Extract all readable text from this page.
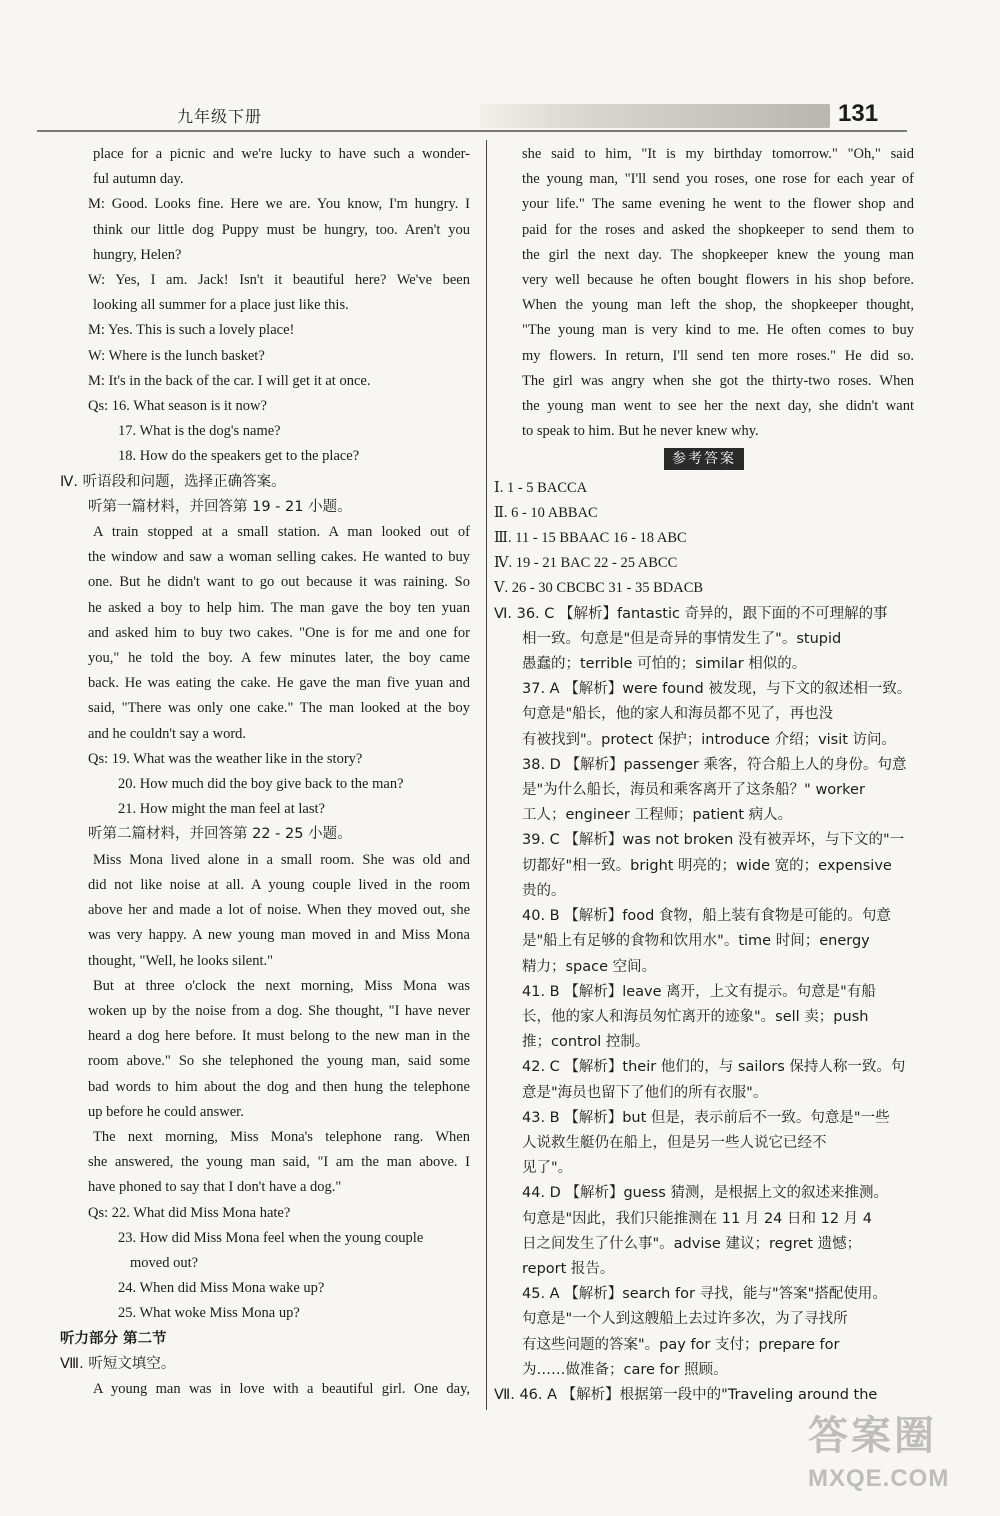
九年级下册	131
place for a picnic and we're lucky to have such a wonder-
ful autumn day.
M: Good. Looks fine. Here we are. You know, I'm hungry. I
think our little dog Puppy must be hungry, too. Aren't you
hungry, Helen?
W: Yes, I am. Jack! Isn't it beautiful here? We've been
looking all summer for a place just like this.
M: Yes. This is such a lovely place!
W: Where is the lunch basket?
M: It's in the back of the car. I will get it at once.
Qs: 16. What season is it now?
17. What is the dog's name?
18. How do the speakers get to the place?
Ⅳ. 听语段和问题，选择正确答案。
听第一篇材料，并回答第 19 - 21 小题。
A train stopped at a small station. A man looked out of
the window and saw a woman selling cakes. He wanted to buy
one. But he didn't want to go out because it was raining. So
he asked a boy to help him. The man gave the boy ten yuan
and asked him to buy two cakes. "One is for me and one for
you," he told the boy. A few minutes later, the boy came
back. He was eating the cake. He gave the man five yuan and
said, "There was only one cake." The man looked at the boy
and he couldn't say a word.
Qs: 19. What was the weather like in the story?
20. How much did the boy give back to the man?
21. How might the man feel at last?
听第二篇材料，并回答第 22 - 25 小题。
Miss Mona lived alone in a small room. She was old and
did not like noise at all. A young couple lived in the room
above her and made a lot of noise. When they moved out, she
was very happy. A new young man moved in and Miss Mona
thought, "Well, he looks silent."
But at three o'clock the next morning, Miss Mona was
woken up by the noise from a dog. She thought, "I have never
heard a dog here before. It must belong to the new man in the
room above." So she telephoned the young man, said some
bad words to him about the dog and then hung the telephone
up before he could answer.
The next morning, Miss Mona's telephone rang. When
she answered, the young man said, "I am the man above. I
have phoned to say that I don't have a dog."
Qs: 22. What did Miss Mona hate?
23. How did Miss Mona feel when the young couple
moved out?
24. When did Miss Mona wake up?
25. What woke Miss Mona up?
听力部分 第二节
Ⅷ. 听短文填空。
A young man was in love with a beautiful girl. One day,
she said to him, "It is my birthday tomorrow." "Oh," said
the young man, "I'll send you roses, one rose for each year of
your life." The same evening he went to the flower shop and
paid for the roses and asked the shopkeeper to send them to
the girl the next day. The shopkeeper knew the young man
very well because he often bought flowers in his shop before.
When the young man left the shop, the shopkeeper thought,
"The young man is very kind to me. He often comes to buy
my flowers. In return, I'll send ten more roses." He did so.
The girl was angry when she got the thirty-two roses. When
the young man went to see her the next day, she didn't want
to speak to him. But he never knew why.
参考答案
Ⅰ. 1 - 5 BACCA
Ⅱ. 6 - 10 ABBAC
Ⅲ. 11 - 15 BBAAC 16 - 18 ABC
Ⅳ. 19 - 21 BAC 22 - 25 ABCC
Ⅴ. 26 - 30 CBCBC 31 - 35 BDACB
Ⅵ. 36. C 【解析】fantastic 奇异的，跟下面的不可理解的事
相一致。句意是"但是奇异的事情发生了"。stupid
愚蠢的；terrible 可怕的；similar 相似的。
37. A 【解析】were found 被发现，与下文的叙述相一致。
句意是"船长，他的家人和海员都不见了，再也没
有被找到"。protect 保护；introduce 介绍；visit 访问。
38. D 【解析】passenger 乘客，符合船上人的身份。句意
是"为什么船长，海员和乘客离开了这条船？" worker
工人；engineer 工程师；patient 病人。
39. C 【解析】was not broken 没有被弄坏，与下文的"一
切都好"相一致。bright 明亮的；wide 宽的；expensive
贵的。
40. B 【解析】food 食物，船上装有食物是可能的。句意
是"船上有足够的食物和饮用水"。time 时间；energy
精力；space 空间。
41. B 【解析】leave 离开，上文有提示。句意是"有船
长，他的家人和海员匆忙离开的迹象"。sell 卖；push
推；control 控制。
42. C 【解析】their 他们的，与 sailors 保持人称一致。句
意是"海员也留下了他们的所有衣服"。
43. B 【解析】but 但是，表示前后不一致。句意是"一些
人说救生艇仍在船上，但是另一些人说它已经不
见了"。
44. D 【解析】guess 猜测，是根据上文的叙述来推测。
句意是"因此，我们只能推测在 11 月 24 日和 12 月 4
日之间发生了什么事"。advise 建议；regret 遗憾；
report 报告。
45. A 【解析】search for 寻找，能与"答案"搭配使用。
句意是"一个人到这艘船上去过许多次，为了寻找所
有这些问题的答案"。pay for 支付；prepare for
为……做准备；care for 照顾。
Ⅶ. 46. A 【解析】根据第一段中的"Traveling around the
答案圈
MXQE.COM
